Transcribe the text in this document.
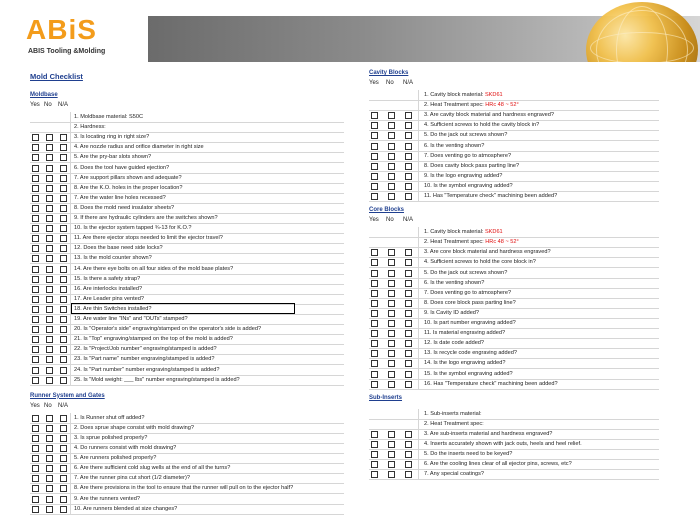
ABiS
ABIS Tooling &Molding
Mold Checklist
Moldbase
Yes No N/A
1. Moldbase material: S50C
2. Hardness:
3. Is locating ring in right size?
4. Are nozzle radius and orifice diameter in right size
5. Are the pry-bar slots shown?
6. Does the tool have guided ejection?
7. Are support pillars shown and adequate?
8. Are the K.O. holes in the proper location?
7. Are the water line holes recessed?
8. Does the mold need insulator sheets?
9. If there are hydraulic cylinders are the switches shown?
10. Is the ejector system tapped ¾-13 for K.O.?
11. Are there ejector stops needed to limit the ejector travel?
12. Does the base need side locks?
13. Is the mold counter shown?
14. Are there eye bolts on all four sides of the mold base plates?
15. Is there a safety strap?
16. Are interlocks installed?
17. Are Leader pins vented?
18. Are thin Switches installed?
19. Are water line "INs" and "OUTs" stamped?
20. Is "Operator's side" engraving/stamped on the operator's side is added?
21. Is "Top" engraving/stamped on the top of the mold is added?
22. Is "Project/Job number" engraving/stamped is added?
23. Is "Part name" number engraving/stamped is added?
24. Is "Part number" number engraving/stamped is added?
25. Is "Mold weight: ___ lbs" number engraving/stamped is added?
Runner System and Gates
Yes No N/A
1. Is Runner shut off added?
2. Does sprue shape consist with mold drawing?
3. Is sprue polished properly?
4. Do runners consist with mold drawing?
5. Are runners polished properly?
6. Are there sufficient cold slug wells at the end of all the turns?
7. Are the runner pins cut short (1/2 diameter)?
8. Are there provisions in the tool to ensure that the runner will pull on to the ejector half?
9. Are the runners vented?
10. Are runners blended at size changes?
Cavity Blocks
Yes No N/A
1. Cavity block material: SKD61
2. Heat Treatment spec: HRc 48 ~ 52°
3. Are cavity block material and hardness engraved?
4. Sufficient screws to hold the cavity block in?
5. Do the jack out screws shown?
6. Is the venting shown?
7. Does venting go to atmosphere?
8. Does cavity block pass parting line?
9. Is the logo engraving added?
10. Is the symbol engraving added?
11. Has "Temperature check" machining been added?
Core Blocks
Yes No N/A
1. Cavity block material: SKD61
2. Heat Treatment spec: HRc 48 ~ 52°
3. Are core block material and hardness engraved?
4. Sufficient screws to hold the core block in?
5. Do the jack out screws shown?
6. Is the venting shown?
7. Does venting go to atmosphere?
8. Does core block pass parting line?
9. Is Cavity ID added?
10. Is part number engraving added?
11. Is material engraving added?
12. Is date code added?
13. Is recycle code engraving added?
14. Is the logo engraving added?
15. Is the symbol engraving added?
16. Has "Temperature check" machining been added?
Sub-Inserts
1. Sub-inserts material:
2. Heat Treatment spec:
3. Are sub-inserts material and hardness engraved?
4. Inserts accurately shown with jack outs, heels and heel relief.
5. Do the inserts need to be keyed?
6. Are the cooling lines clear of all ejector pins, screws, etc?
7. Any special coatings?
